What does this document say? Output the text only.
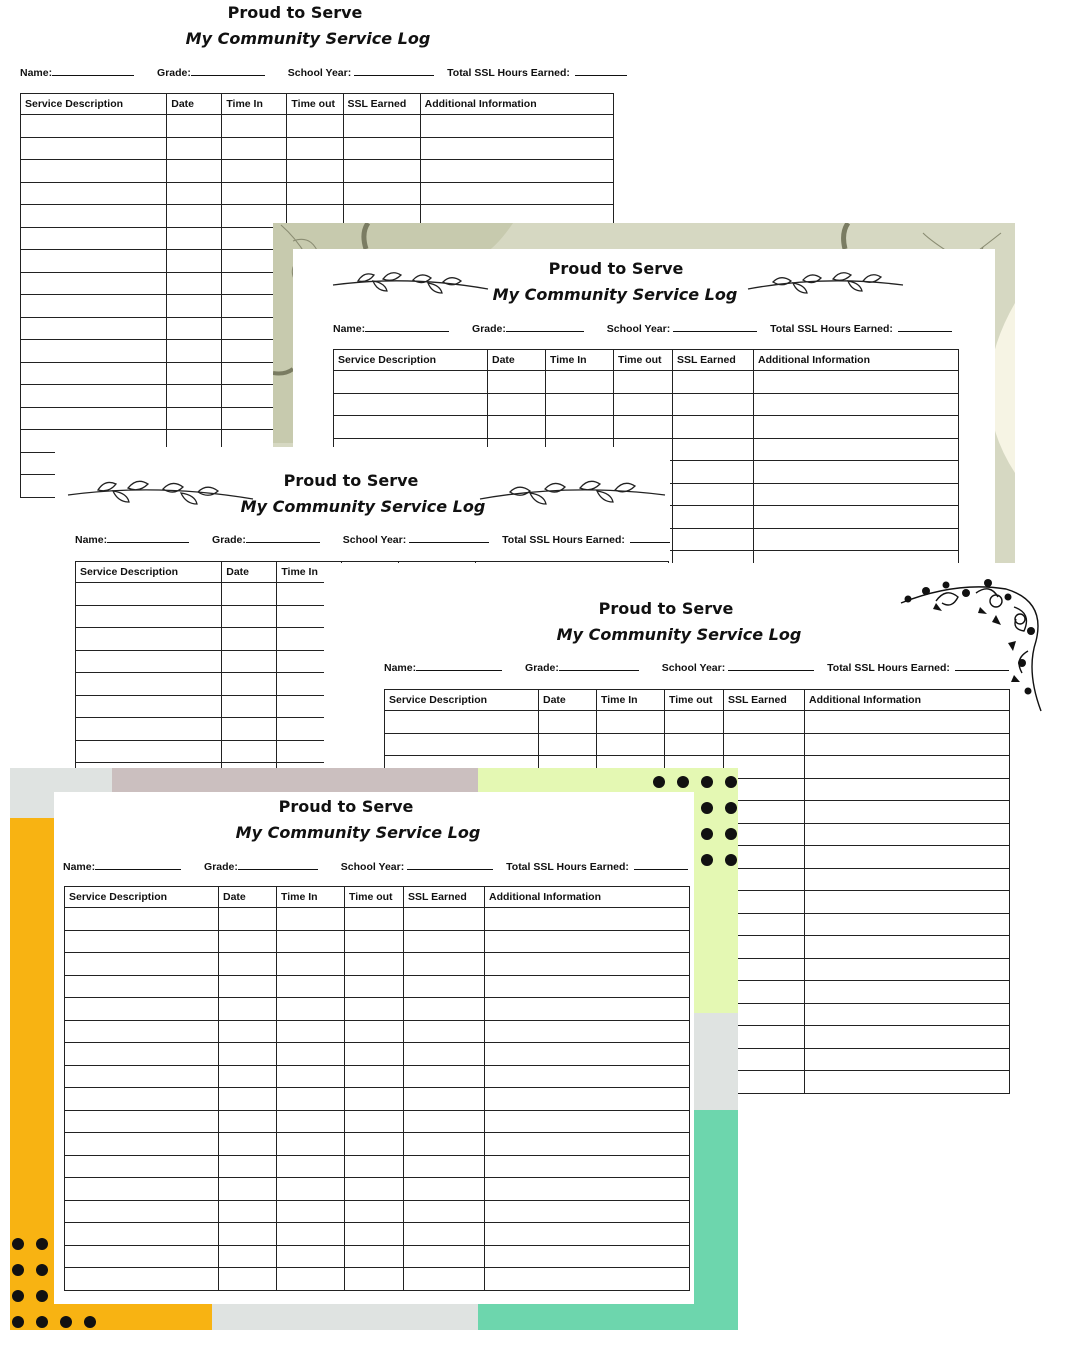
Proud to Serve
My Community Service Log
Name:	Grade:	School Year:	Total SSL Hours Earned:
Service Description	Date	Time In	Time out	SSL Earned	Additional Information

Proud to Serve
My Community Service Log
Name:	Grade:	School Year:	Total SSL Hours Earned:
Service Description	Date	Time In	Time out	SSL Earned	Additional Information

Proud to Serve
My Community Service Log
Name:	Grade:	School Year:	Total SSL Hours Earned:
Service Description	Date	Time In			

Proud to Serve
My Community Service Log
Name:	Grade:	School Year:	Total SSL Hours Earned:
Service Description	Date	Time In	Time out	SSL Earned	Additional Information

Proud to Serve
My Community Service Log
Name:	Grade:	School Year:	Total SSL Hours Earned:
Service Description	Date	Time In	Time out	SSL Earned	Additional Information
